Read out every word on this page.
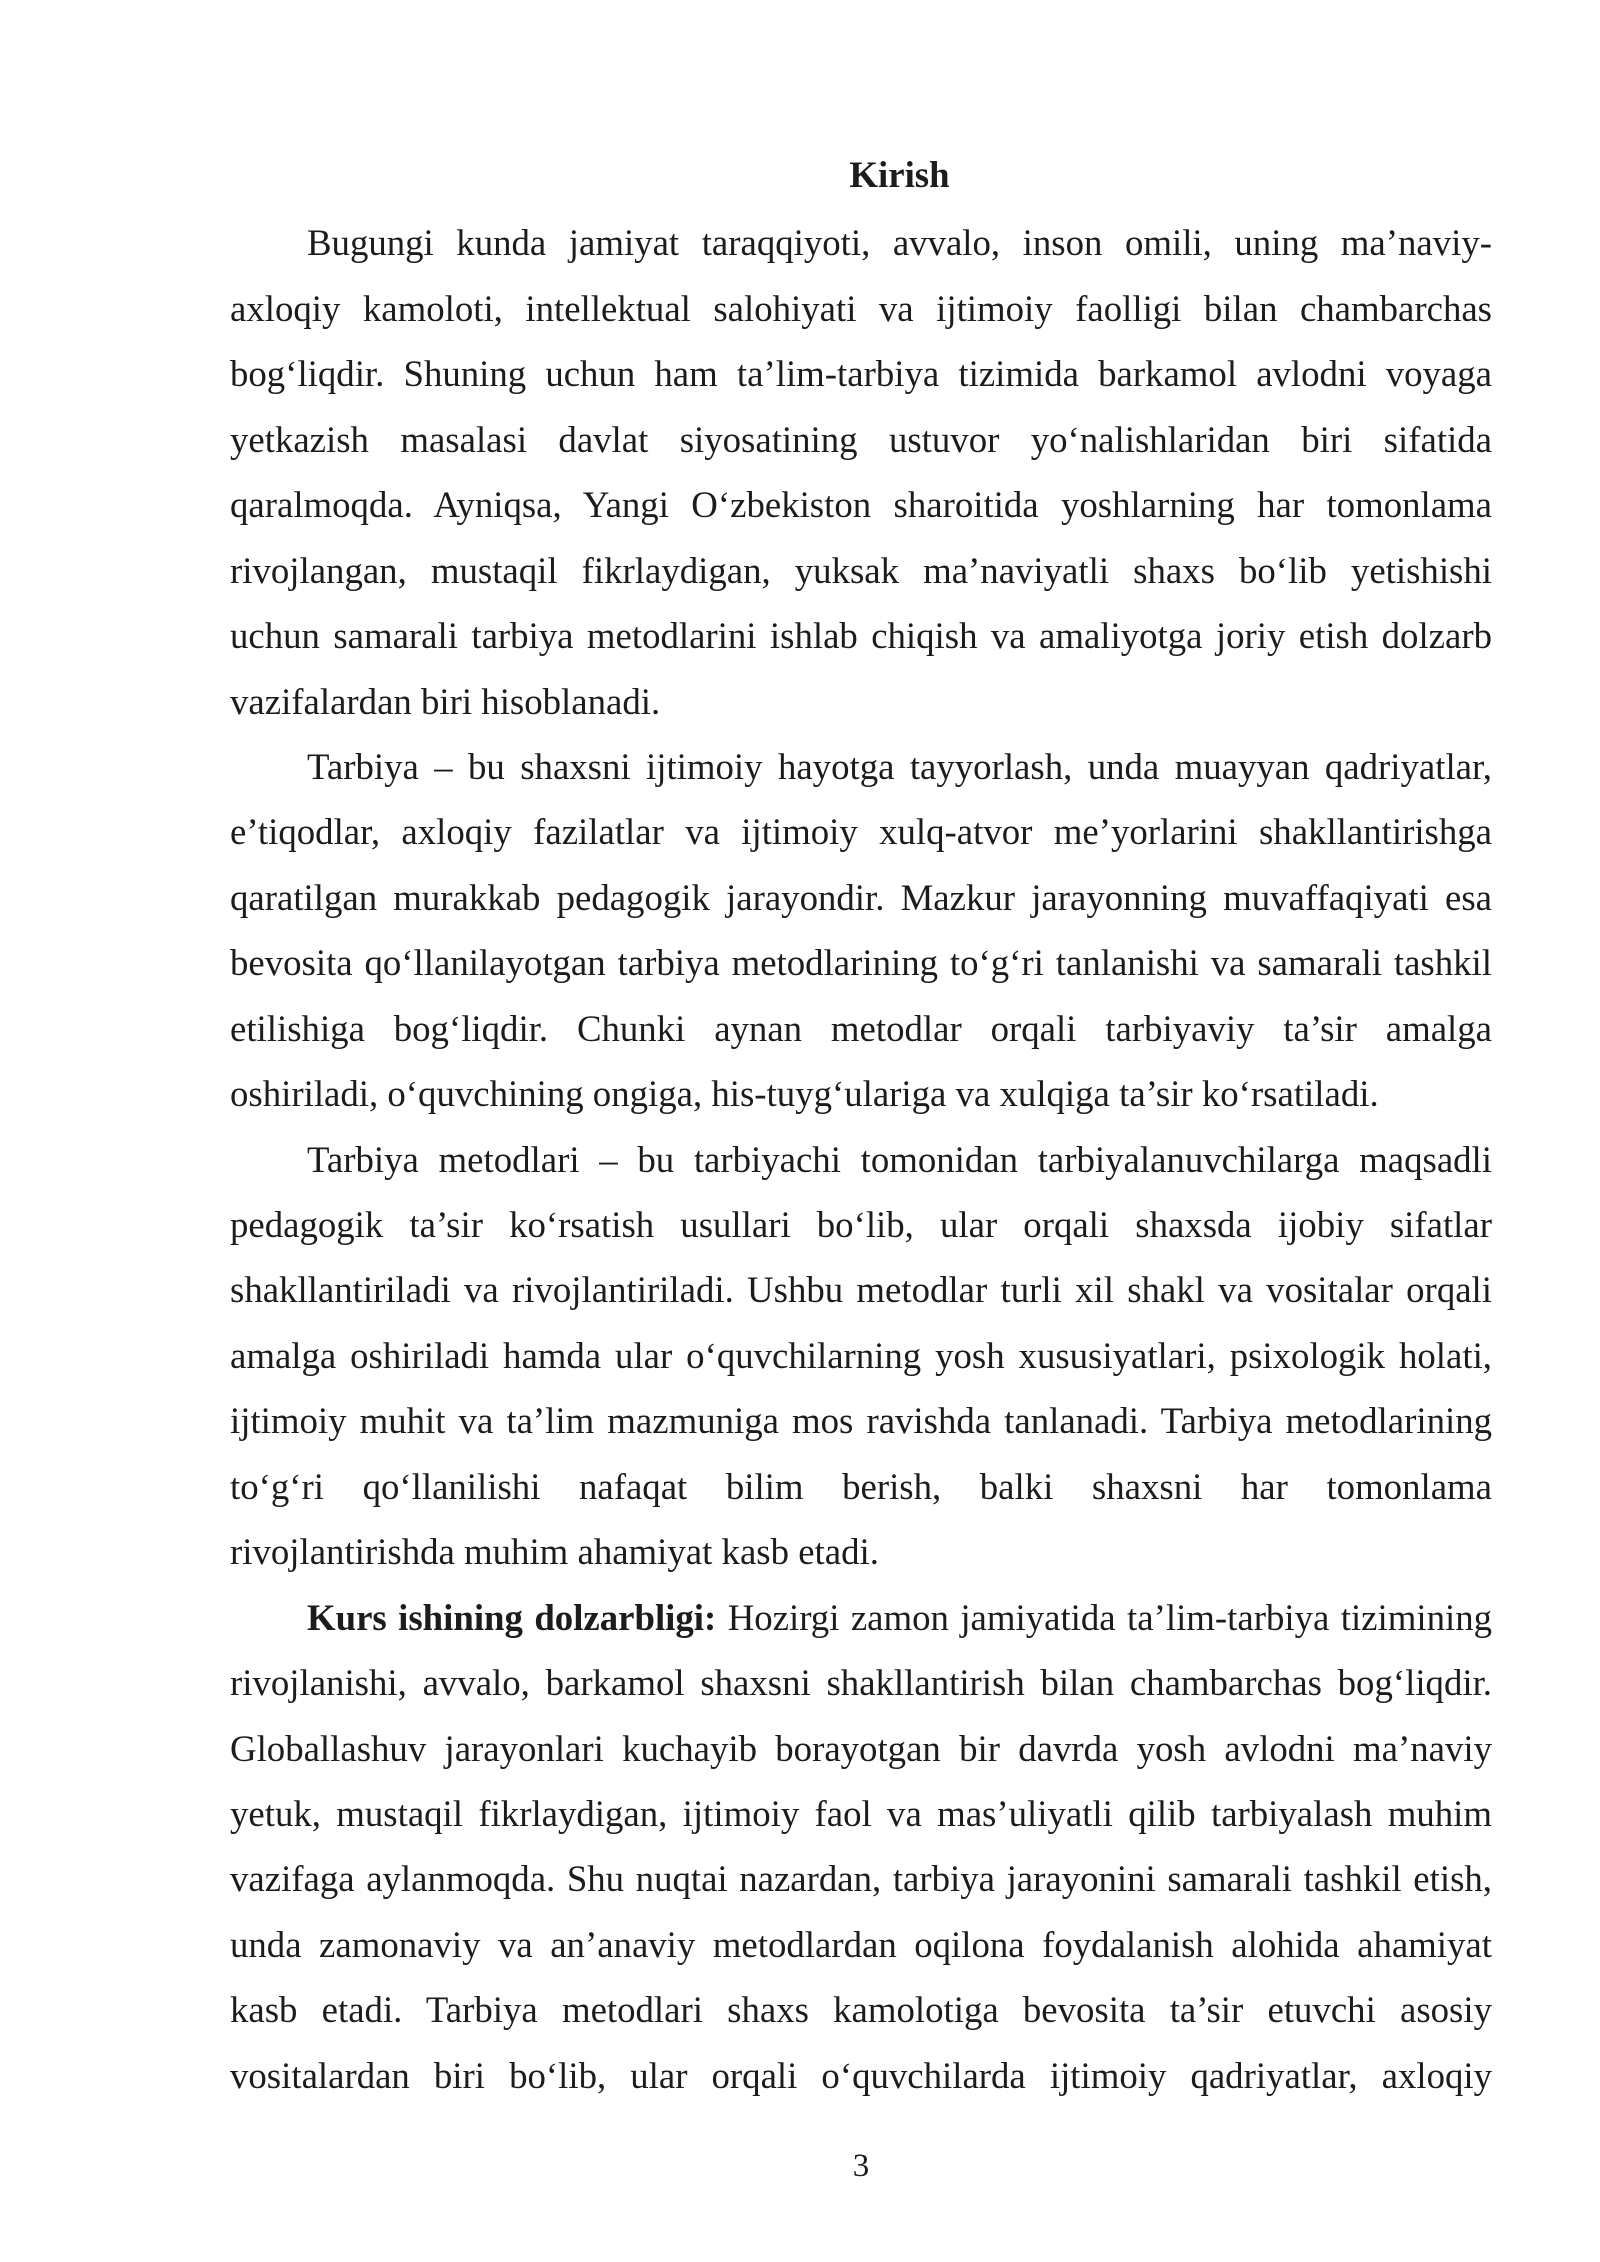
Kirish
Bugungi kunda jamiyat taraqqiyoti, avvalo, inson omili, uning ma’naviy-
axloqiy kamoloti, intellektual salohiyati va ijtimoiy faolligi bilan chambarchas
bog‘liqdir. Shuning uchun ham ta’lim-tarbiya tizimida barkamol avlodni voyaga
yetkazish masalasi davlat siyosatining ustuvor yo‘nalishlaridan biri sifatida
qaralmoqda. Ayniqsa, Yangi O‘zbekiston sharoitida yoshlarning har tomonlama
rivojlangan, mustaqil fikrlaydigan, yuksak ma’naviyatli shaxs bo‘lib yetishishi
uchun samarali tarbiya metodlarini ishlab chiqish va amaliyotga joriy etish dolzarb
vazifalardan biri hisoblanadi.
Tarbiya – bu shaxsni ijtimoiy hayotga tayyorlash, unda muayyan qadriyatlar,
e’tiqodlar, axloqiy fazilatlar va ijtimoiy xulq-atvor me’yorlarini shakllantirishga
qaratilgan murakkab pedagogik jarayondir. Mazkur jarayonning muvaffaqiyati esa
bevosita qo‘llanilayotgan tarbiya metodlarining to‘g‘ri tanlanishi va samarali tashkil
etilishiga bog‘liqdir. Chunki aynan metodlar orqali tarbiyaviy ta’sir amalga
oshiriladi, o‘quvchining ongiga, his-tuyg‘ulariga va xulqiga ta’sir ko‘rsatiladi.
Tarbiya metodlari – bu tarbiyachi tomonidan tarbiyalanuvchilarga maqsadli
pedagogik ta’sir ko‘rsatish usullari bo‘lib, ular orqali shaxsda ijobiy sifatlar
shakllantiriladi va rivojlantiriladi. Ushbu metodlar turli xil shakl va vositalar orqali
amalga oshiriladi hamda ular o‘quvchilarning yosh xususiyatlari, psixologik holati,
ijtimoiy muhit va ta’lim mazmuniga mos ravishda tanlanadi. Tarbiya metodlarining
to‘g‘ri qo‘llanilishi nafaqat bilim berish, balki shaxsni har tomonlama
rivojlantirishda muhim ahamiyat kasb etadi.
Kurs ishining dolzarbligi: Hozirgi zamon jamiyatida ta’lim-tarbiya tizimining
rivojlanishi, avvalo, barkamol shaxsni shakllantirish bilan chambarchas bog‘liqdir.
Globallashuv jarayonlari kuchayib borayotgan bir davrda yosh avlodni ma’naviy
yetuk, mustaqil fikrlaydigan, ijtimoiy faol va mas’uliyatli qilib tarbiyalash muhim
vazifaga aylanmoqda. Shu nuqtai nazardan, tarbiya jarayonini samarali tashkil etish,
unda zamonaviy va an’anaviy metodlardan oqilona foydalanish alohida ahamiyat
kasb etadi. Tarbiya metodlari shaxs kamolotiga bevosita ta’sir etuvchi asosiy
vositalardan biri bo‘lib, ular orqali o‘quvchilarda ijtimoiy qadriyatlar, axloqiy
3
